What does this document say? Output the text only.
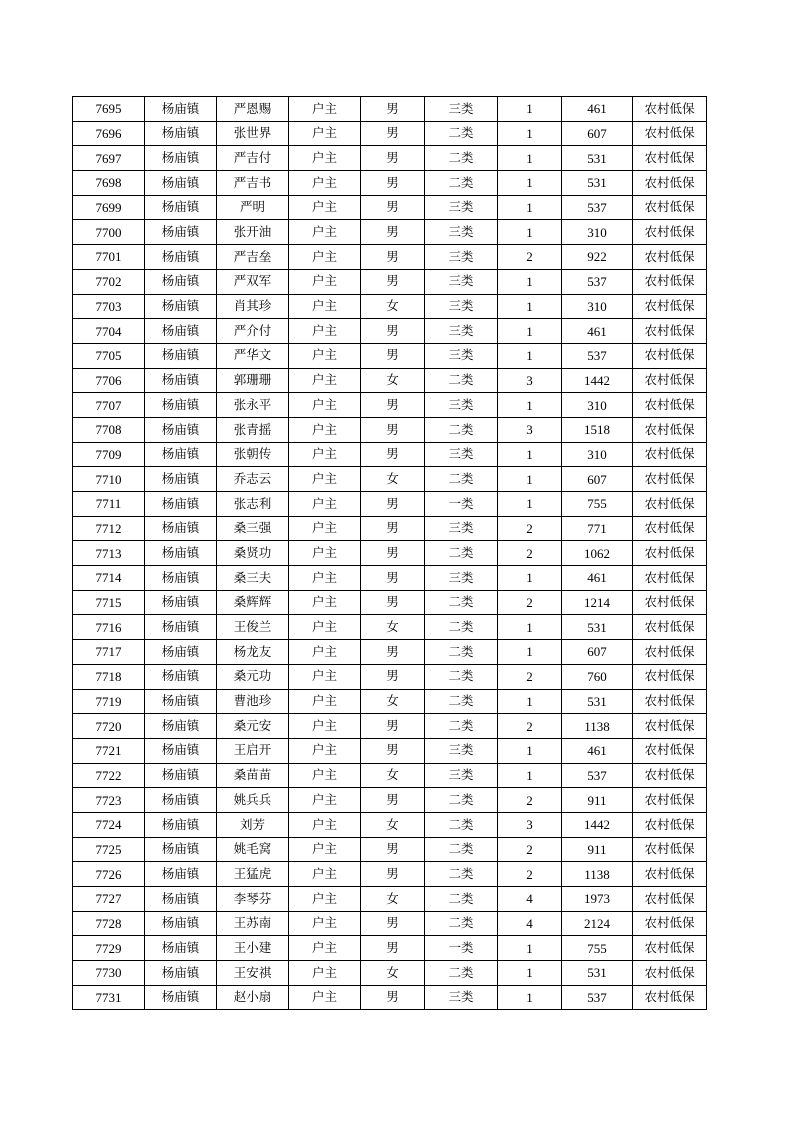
7695	杨庙镇	严恩赐	户主	男	三类	1	461	农村低保
7696	杨庙镇	张世界	户主	男	二类	1	607	农村低保
7697	杨庙镇	严吉付	户主	男	二类	1	531	农村低保
7698	杨庙镇	严吉书	户主	男	二类	1	531	农村低保
7699	杨庙镇	严明	户主	男	三类	1	537	农村低保
7700	杨庙镇	张开油	户主	男	三类	1	310	农村低保
7701	杨庙镇	严吉垒	户主	男	三类	2	922	农村低保
7702	杨庙镇	严双军	户主	男	三类	1	537	农村低保
7703	杨庙镇	肖其珍	户主	女	三类	1	310	农村低保
7704	杨庙镇	严介付	户主	男	三类	1	461	农村低保
7705	杨庙镇	严华文	户主	男	三类	1	537	农村低保
7706	杨庙镇	郭珊珊	户主	女	二类	3	1442	农村低保
7707	杨庙镇	张永平	户主	男	三类	1	310	农村低保
7708	杨庙镇	张青摇	户主	男	二类	3	1518	农村低保
7709	杨庙镇	张朝传	户主	男	三类	1	310	农村低保
7710	杨庙镇	乔志云	户主	女	二类	1	607	农村低保
7711	杨庙镇	张志利	户主	男	一类	1	755	农村低保
7712	杨庙镇	桑三强	户主	男	三类	2	771	农村低保
7713	杨庙镇	桑贤功	户主	男	二类	2	1062	农村低保
7714	杨庙镇	桑三夫	户主	男	三类	1	461	农村低保
7715	杨庙镇	桑辉辉	户主	男	二类	2	1214	农村低保
7716	杨庙镇	王俊兰	户主	女	二类	1	531	农村低保
7717	杨庙镇	杨龙友	户主	男	二类	1	607	农村低保
7718	杨庙镇	桑元功	户主	男	二类	2	760	农村低保
7719	杨庙镇	曹池珍	户主	女	二类	1	531	农村低保
7720	杨庙镇	桑元安	户主	男	二类	2	1138	农村低保
7721	杨庙镇	王启开	户主	男	三类	1	461	农村低保
7722	杨庙镇	桑苗苗	户主	女	三类	1	537	农村低保
7723	杨庙镇	姚兵兵	户主	男	二类	2	911	农村低保
7724	杨庙镇	刘芳	户主	女	二类	3	1442	农村低保
7725	杨庙镇	姚毛窝	户主	男	二类	2	911	农村低保
7726	杨庙镇	王猛虎	户主	男	二类	2	1138	农村低保
7727	杨庙镇	李琴芬	户主	女	二类	4	1973	农村低保
7728	杨庙镇	王苏南	户主	男	二类	4	2124	农村低保
7729	杨庙镇	王小建	户主	男	一类	1	755	农村低保
7730	杨庙镇	王安祺	户主	女	二类	1	531	农村低保
7731	杨庙镇	赵小扇	户主	男	三类	1	537	农村低保
